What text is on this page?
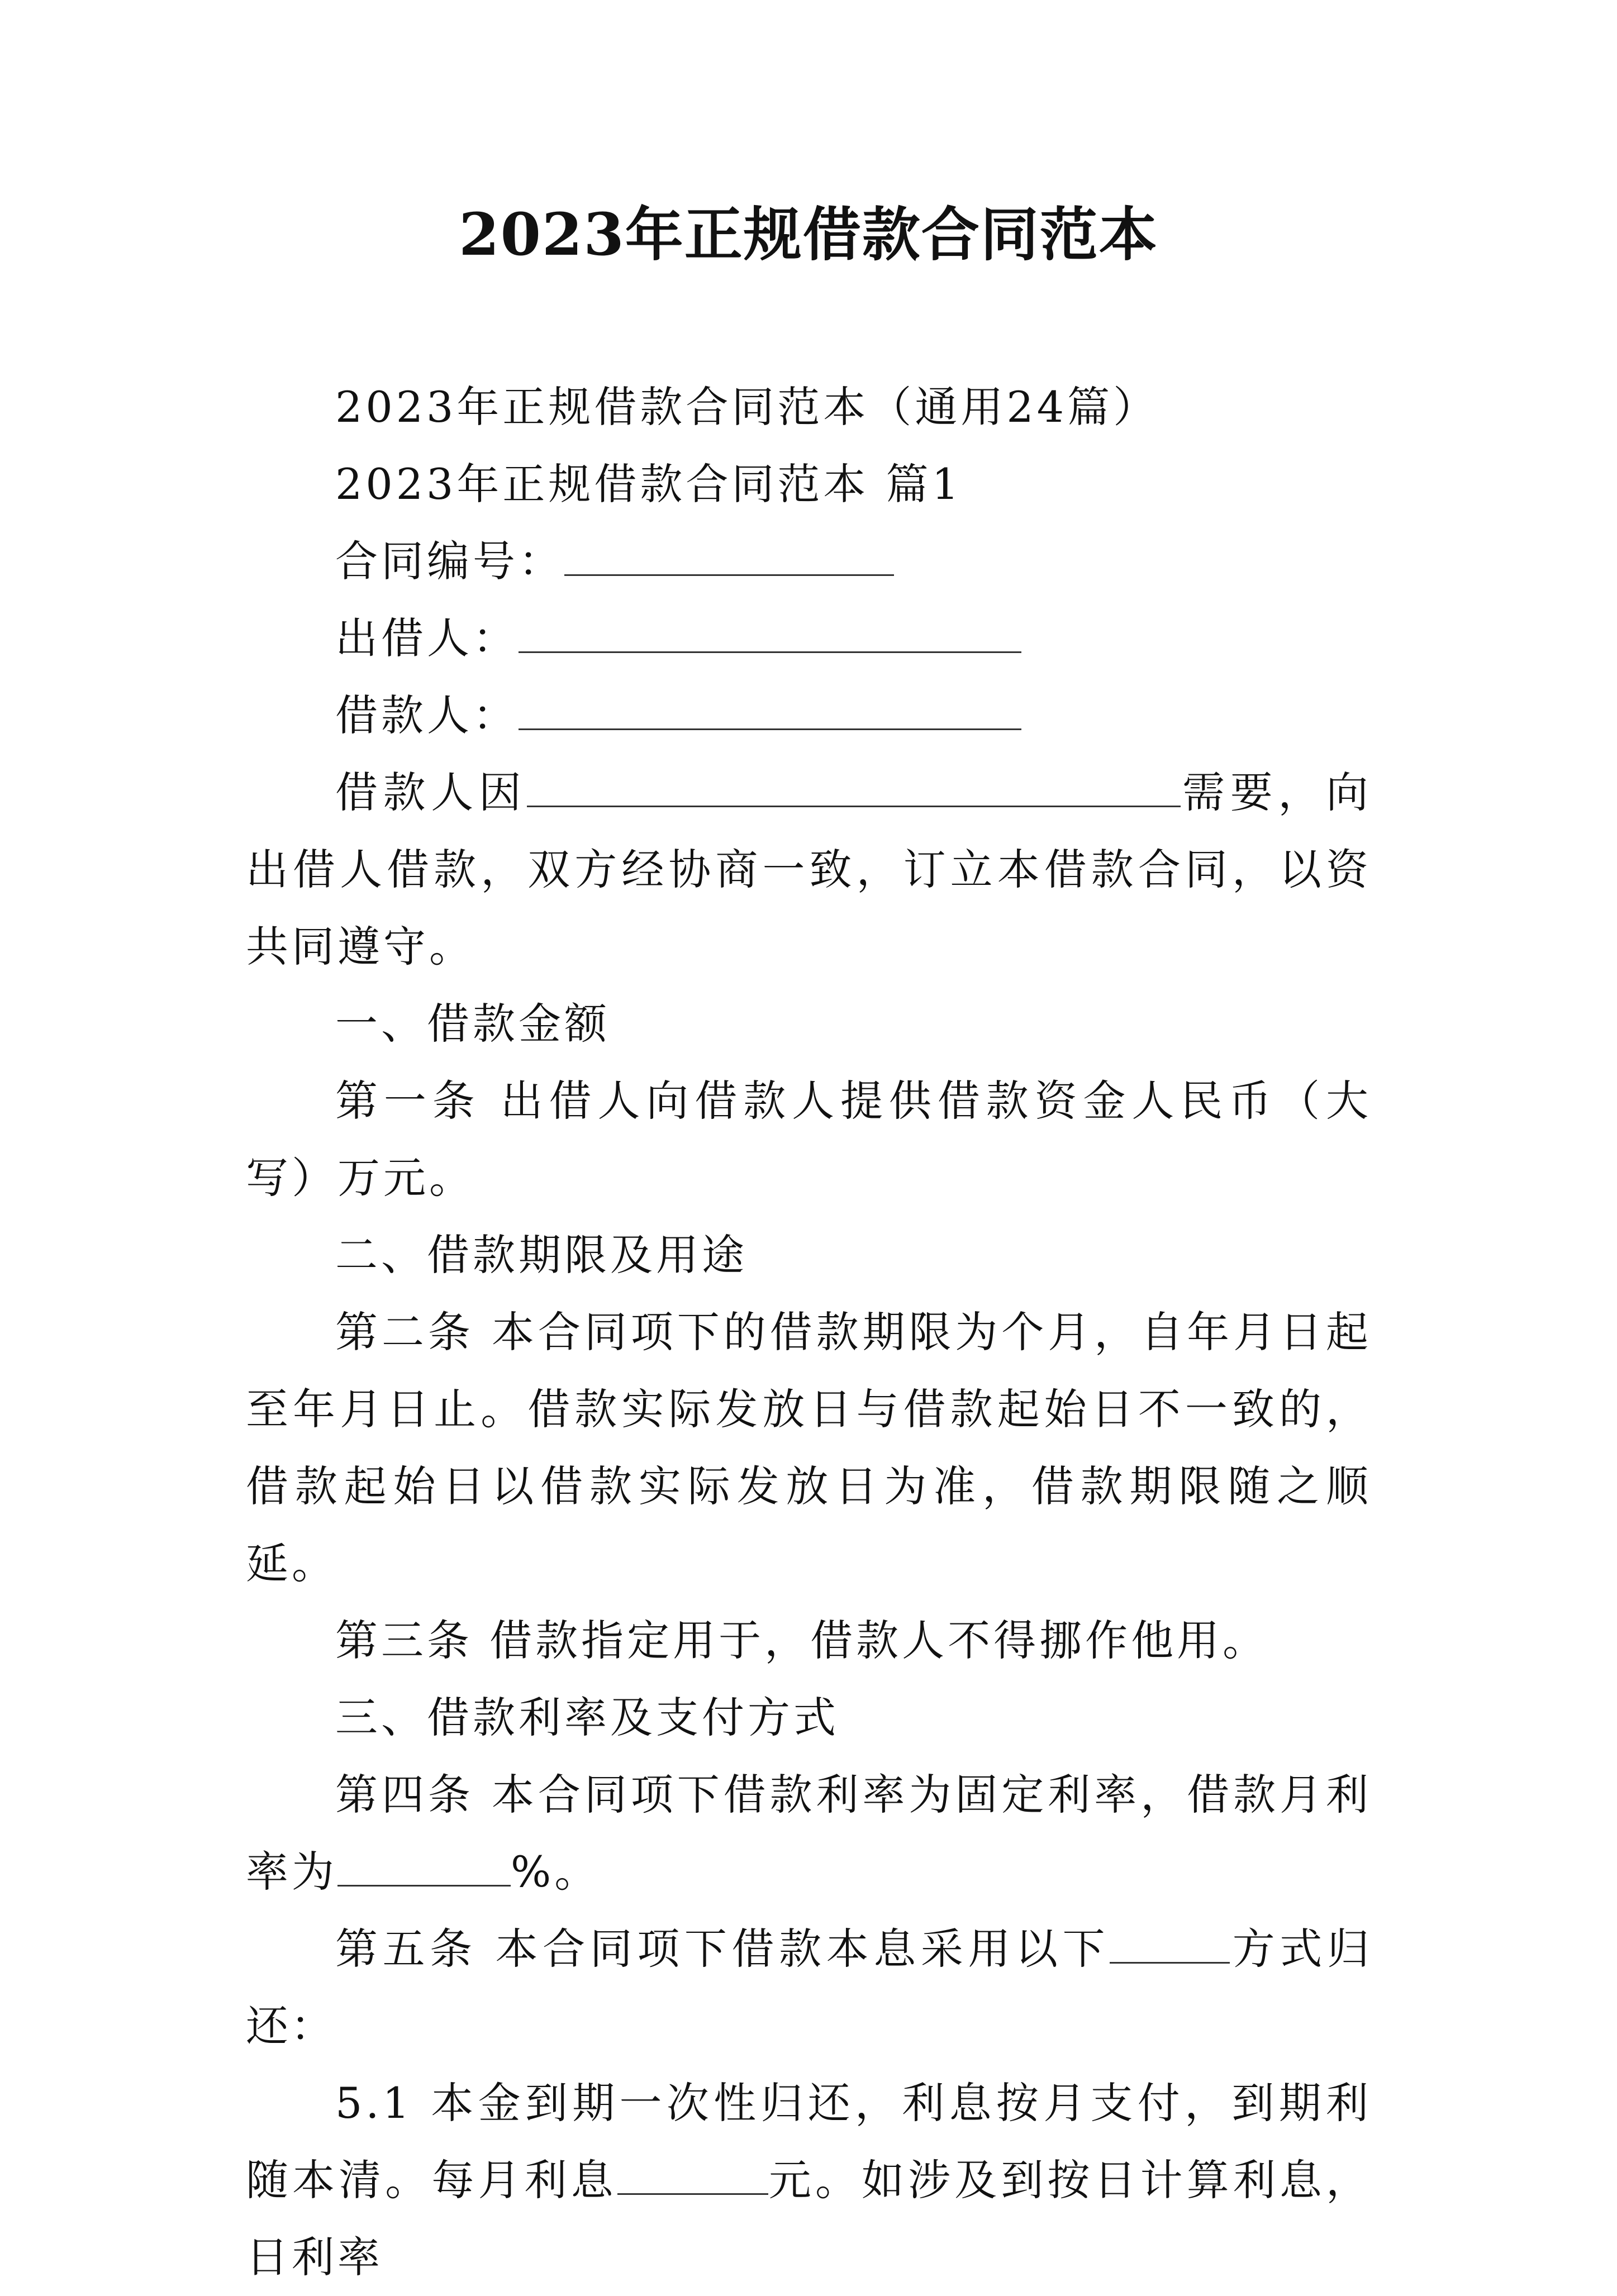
2023年正规借款合同范本

2023年正规借款合同范本（通用24篇）

2023年正规借款合同范本 篇1

合同编号：

出借人：

借款人：

借款人因	需要，向出借人借款，双方经协商一致，订立本借款合同，以资共同遵守。

一、借款金额

第一条 出借人向借款人提供借款资金人民币（大写）万元。

二、借款期限及用途

第二条 本合同项下的借款期限为个月，自年月日起至年月日止。借款实际发放日与借款起始日不一致的，借款起始日以借款实际发放日为准，借款期限随之顺延。

第三条 借款指定用于，借款人不得挪作他用。

三、借款利率及支付方式

第四条 本合同项下借款利率为固定利率，借款月利率为	%。

第五条 本合同项下借款本息采用以下	方式归还：

5.1 本金到期一次性归还，利息按月支付，到期利随本清。每月利息	元。如涉及到按日计算利息，日利率
